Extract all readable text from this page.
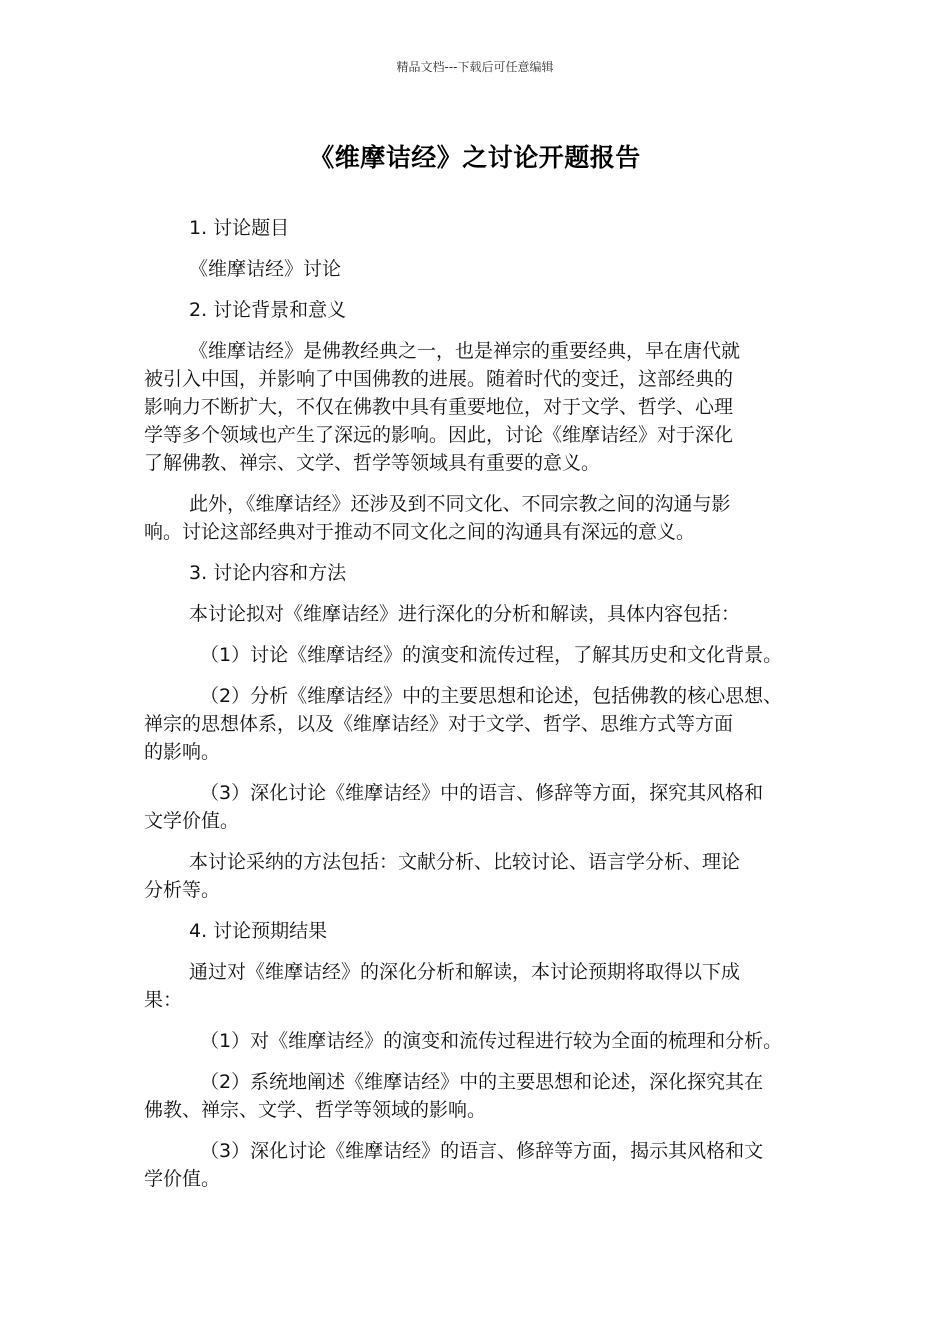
精品文档---下载后可任意编辑
《维摩诘经》之讨论开题报告

1. 讨论题目

《维摩诘经》讨论

2. 讨论背景和意义

《维摩诘经》是佛教经典之一，也是禅宗的重要经典，早在唐代就
被引入中国，并影响了中国佛教的进展。随着时代的变迁，这部经典的
影响力不断扩大，不仅在佛教中具有重要地位，对于文学、哲学、心理
学等多个领域也产生了深远的影响。因此，讨论《维摩诘经》对于深化
了解佛教、禅宗、文学、哲学等领域具有重要的意义。

此外，《维摩诘经》还涉及到不同文化、不同宗教之间的沟通与影
响。讨论这部经典对于推动不同文化之间的沟通具有深远的意义。

3. 讨论内容和方法

本讨论拟对《维摩诘经》进行深化的分析和解读，具体内容包括：

（1）讨论《维摩诘经》的演变和流传过程，了解其历史和文化背景。

（2）分析《维摩诘经》中的主要思想和论述，包括佛教的核心思想、
禅宗的思想体系，以及《维摩诘经》对于文学、哲学、思维方式等方面
的影响。

（3）深化讨论《维摩诘经》中的语言、修辞等方面，探究其风格和
文学价值。

本讨论采纳的方法包括：文献分析、比较讨论、语言学分析、理论
分析等。

4. 讨论预期结果

通过对《维摩诘经》的深化分析和解读，本讨论预期将取得以下成
果：

（1）对《维摩诘经》的演变和流传过程进行较为全面的梳理和分析。

（2）系统地阐述《维摩诘经》中的主要思想和论述，深化探究其在
佛教、禅宗、文学、哲学等领域的影响。

（3）深化讨论《维摩诘经》的语言、修辞等方面，揭示其风格和文
学价值。
